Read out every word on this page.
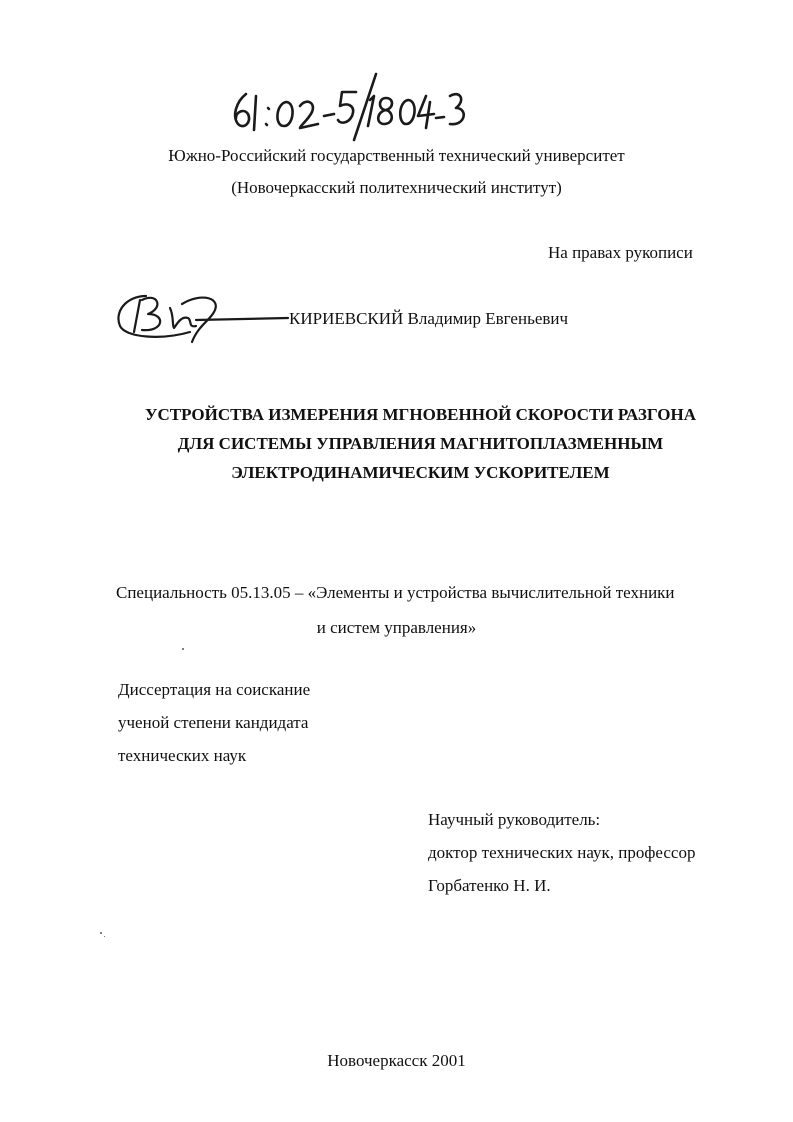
Южно-Российский государственный технический университет
(Новочеркасский политехнический институт)
На правах рукописи
КИРИЕВСКИЙ Владимир Евгеньевич
УСТРОЙСТВА ИЗМЕРЕНИЯ МГНОВЕННОЙ СКОРОСТИ РАЗГОНА
ДЛЯ СИСТЕМЫ УПРАВЛЕНИЯ МАГНИТОПЛАЗМЕННЫМ
ЭЛЕКТРОДИНАМИЧЕСКИМ УСКОРИТЕЛЕМ
Специальность 05.13.05 – «Элементы и устройства вычислительной техники
и систем управления»
Диссертация на соискание
ученой степени кандидата
технических наук
Научный руководитель:
доктор технических наук, профессор
Горбатенко Н. И.
Новочеркасск 2001
